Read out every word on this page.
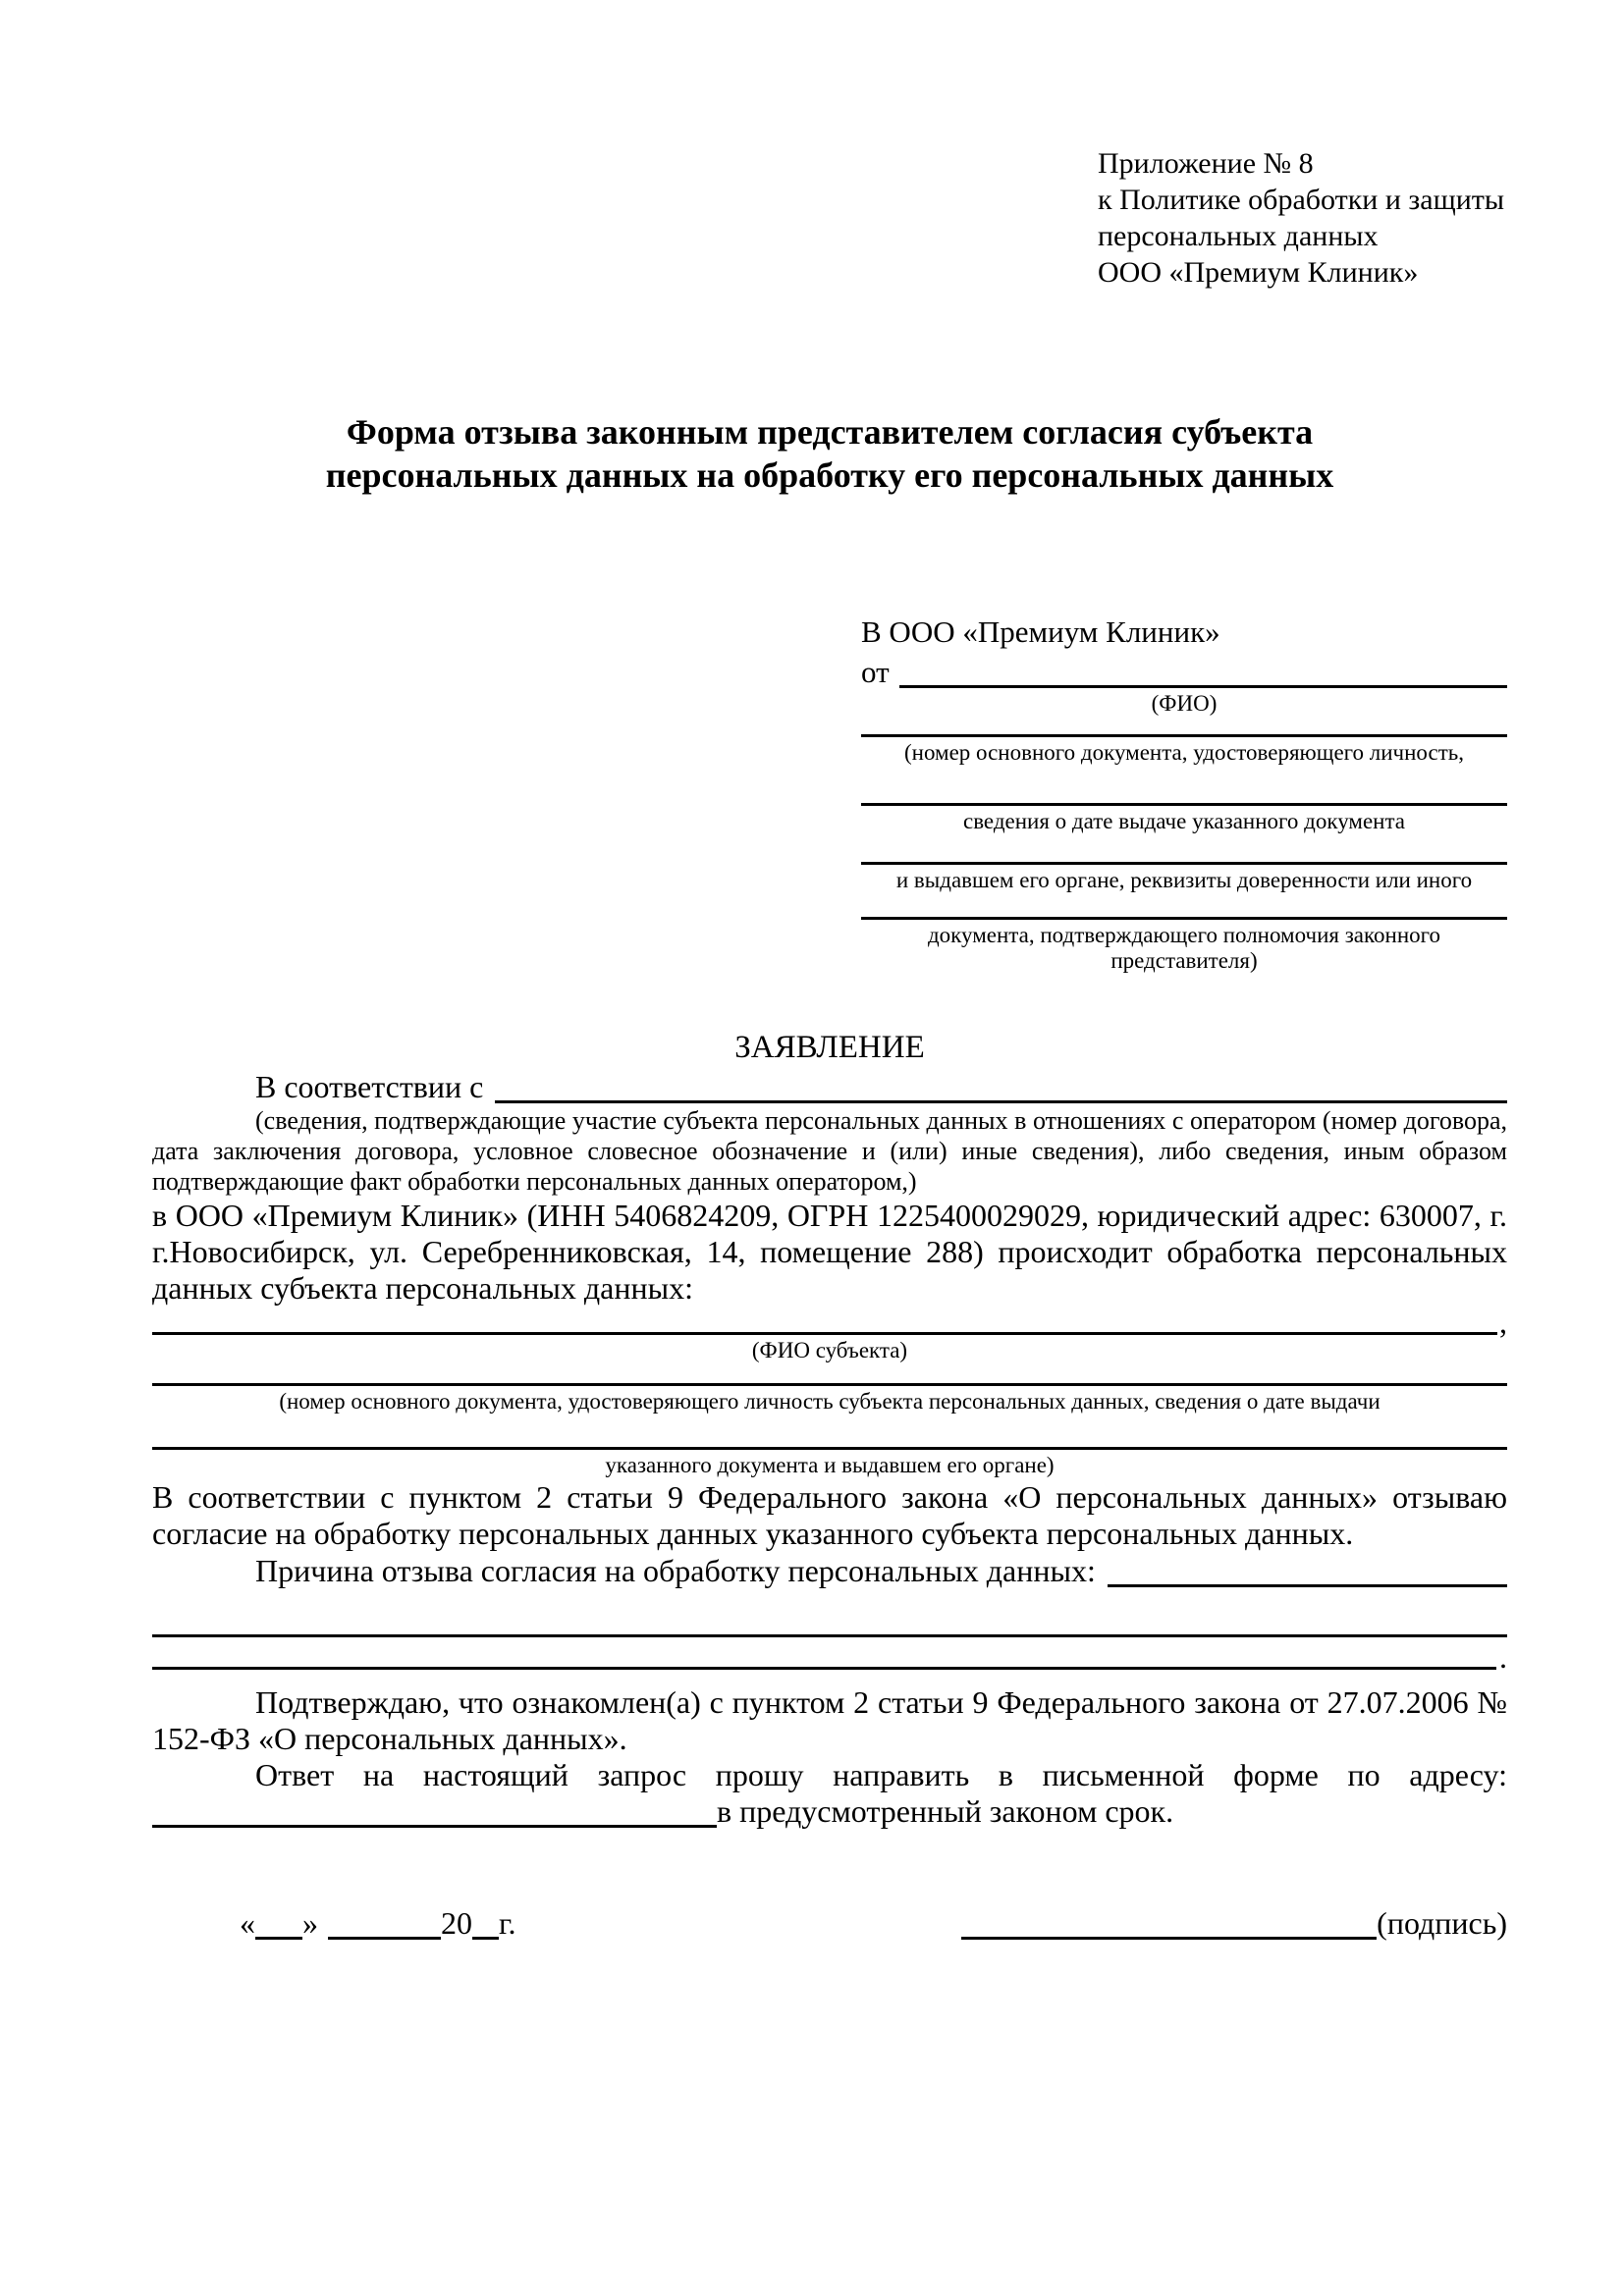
Приложение № 8
к Политике обработки и защиты
персональных данных
ООО «Премиум Клиник»
Форма отзыва законным представителем согласия субъекта
персональных данных на обработку его персональных данных
В ООО «Премиум Клиник»
от
(ФИО)
(номер основного документа, удостоверяющего личность,
сведения о дате выдаче указанного документа
и выдавшем его органе, реквизиты доверенности или иного
документа, подтверждающего полномочия законного представителя)
ЗАЯВЛЕНИЕ
В соответствии с
(сведения, подтверждающие участие субъекта персональных данных в отношениях с оператором (номер договора, дата заключения договора, условное словесное обозначение и (или) иные сведения), либо сведения, иным образом подтверждающие факт обработки персональных данных оператором,)
в ООО «Премиум Клиник» (ИНН 5406824209, ОГРН 1225400029029, юридический адрес: 630007, г. г.Новосибирск, ул. Серебренниковская, 14, помещение 288) происходит обработка персональных данных субъекта персональных данных:
,
(ФИО субъекта)
(номер основного документа, удостоверяющего личность субъекта персональных данных, сведения о дате выдачи
указанного документа и выдавшем его органе)
В соответствии с пунктом 2 статьи 9 Федерального закона «О персональных данных» отзываю согласие на обработку персональных данных указанного субъекта персональных данных.
Причина отзыва согласия на обработку персональных данных:
.
Подтверждаю, что ознакомлен(а) с пунктом 2 статьи 9 Федерального закона от 27.07.2006 № 152-ФЗ «О персональных данных».
Ответ на настоящий запрос прошу направить в письменной форме по адресу:
в предусмотренный законом срок.
« »	20 г.	(подпись)
